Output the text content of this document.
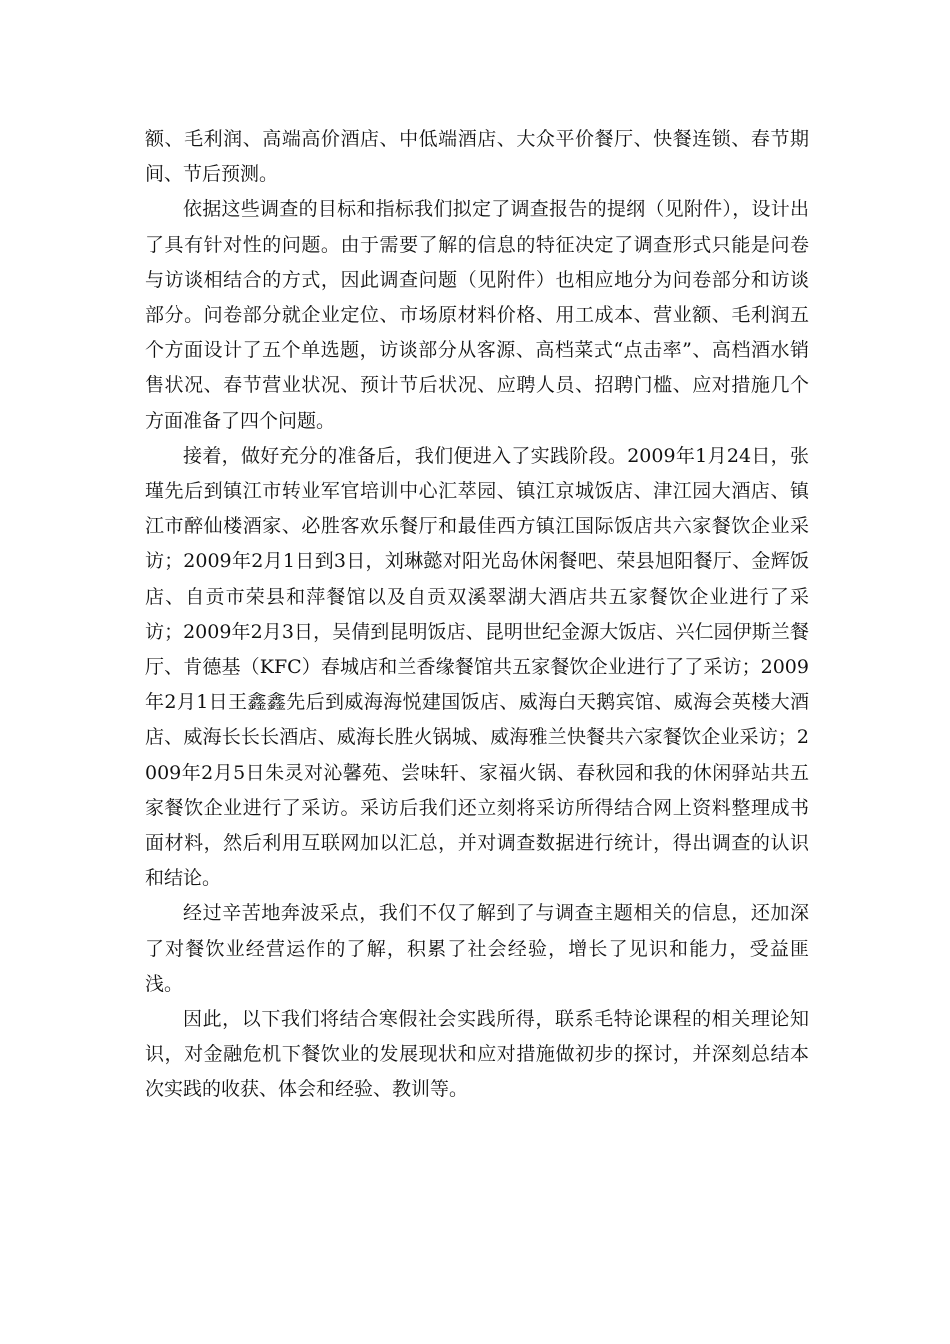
额、毛利润、高端高价酒店、中低端酒店、大众平价餐厅、快餐连锁、春节期间、节后预测。

依据这些调查的目标和指标我们拟定了调查报告的提纲（见附件），设计出了具有针对性的问题。由于需要了解的信息的特征决定了调查形式只能是问卷与访谈相结合的方式，因此调查问题（见附件）也相应地分为问卷部分和访谈部分。问卷部分就企业定位、市场原材料价格、用工成本、营业额、毛利润五个方面设计了五个单选题，访谈部分从客源、高档菜式“点击率”、高档酒水销售状况、春节营业状况、预计节后状况、应聘人员、招聘门槛、应对措施几个方面准备了四个问题。

接着，做好充分的准备后，我们便进入了实践阶段。2009年1月24日，张瑾先后到镇江市转业军官培训中心汇萃园、镇江京城饭店、津江园大酒店、镇江市醉仙楼酒家、必胜客欢乐餐厅和最佳西方镇江国际饭店共六家餐饮企业采访；2009年2月1日到3日，刘琳懿对阳光岛休闲餐吧、荣县旭阳餐厅、金辉饭店、自贡市荣县和萍餐馆以及自贡双溪翠湖大酒店共五家餐饮企业进行了采访；2009年2月3日，吴倩到昆明饭店、昆明世纪金源大饭店、兴仁园伊斯兰餐厅、肯德基（KFC）春城店和兰香缘餐馆共五家餐饮企业进行了了采访；2009年2月1日王鑫鑫先后到威海海悦建国饭店、威海白天鹅宾馆、威海会英楼大酒店、威海长长长酒店、威海长胜火锅城、威海雅兰快餐共六家餐饮企业采访；2009年2月5日朱灵对沁馨苑、尝味轩、家福火锅、春秋园和我的休闲驿站共五家餐饮企业进行了采访。采访后我们还立刻将采访所得结合网上资料整理成书面材料，然后利用互联网加以汇总，并对调查数据进行统计，得出调查的认识和结论。

经过辛苦地奔波采点，我们不仅了解到了与调查主题相关的信息，还加深了对餐饮业经营运作的了解，积累了社会经验，增长了见识和能力，受益匪浅。

因此，以下我们将结合寒假社会实践所得，联系毛特论课程的相关理论知识，对金融危机下餐饮业的发展现状和应对措施做初步的探讨，并深刻总结本次实践的收获、体会和经验、教训等。
